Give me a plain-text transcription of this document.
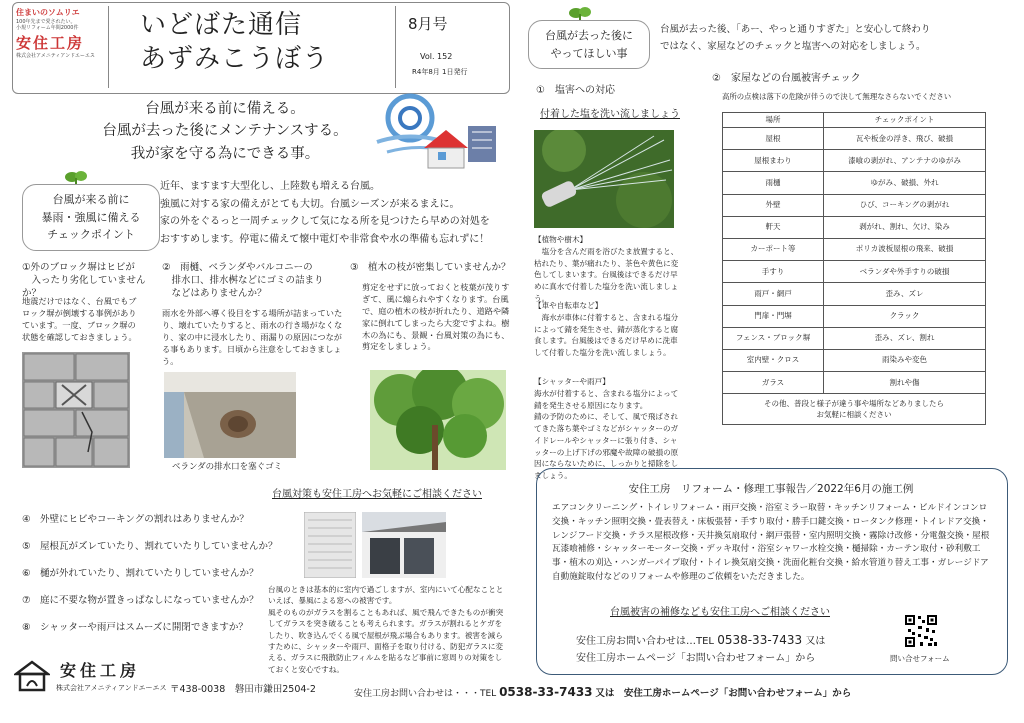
住まいのソムリエ
100年先まで愛されたい。
小規リフォーム年間2000件
安住工房
株式会社アメニティアンドエーエス
いどばた通信
あずみこうぼう
8月号
Vol. 152
R4年8月 1日発行
台風が来る前に備える。
台風が去った後にメンテナンスする。
我が家を守る為にできる事。
台風が来る前に
暴雨・強風に備える
チェックポイント
近年、ますます大型化し、上陸数も増える台風。
強風に対する家の備えがとても大切。台風シーズンが来るまえに。
家の外をぐるっと一周チェックして気になる所を見つけたら早めの対処を
おすすめします。停電に備えて懐中電灯や非常食や水の準備も忘れずに！
①外のブロック塀はヒビが
　入ったり劣化していませんか？
地震だけではなく、台風でもブロック塀が倒壊する事例がありています。一度、ブロック塀の状態を確認しておきましょう。
②　雨樋、ベランダやバルコニーの
　排水口、排水桝などにゴミの詰まり
　などはありませんか？
雨水を外部へ導く役目をする場所が詰まっていたり、壊れていたりすると、雨水の行き場がなくなり、家の中に浸水したり、雨漏りの原因につながる事もあります。日頃から注意をしておきましょう。
③　植木の枝が密集していませんか？
剪定をせずに放っておくと枝葉が茂りすぎて、風に煽られやすくなります。台風で、庭の植木の枝が折れたり、道路や隣家に倒れてしまったら大変ですよね。樹木の為にも、景観・台風対策の為にも、剪定をしましょう。
ベランダの排水口を塞ぐゴミ
台風対策も安住工房へお気軽にご相談ください
④　外壁にヒビやコーキングの割れはありませんか？
⑤　屋根瓦がズレていたり、割れていたりしていませんか？
⑥　樋が外れていたり、割れていたりしていませんか？
⑦　庭に不要な物が置きっぱなしになっていませんか？
⑧　シャッターや雨戸はスムーズに開閉できますか？
台風のときは基本的に室内で過ごしますが、室内にいて心配なことといえば、暴風による窓への被害です。
風そのものがガラスを割ることもあれば、風で飛んできたものが衝突してガラスを突き破ることも考えられます。ガラスが割れるとケガをしたり、吹き込んでくる風で屋根が飛ぶ場合もあります。被害を減らすために、シャッターや雨戸、面格子を取り付ける、防犯ガラスに変える、ガラスに飛散防止フィルムを貼るなど事前に窓周りの対策をしておくと安心ですね。
台風が去った後に
やってほしい事
台風が去った後、「あー、やっと通りすぎた」と安心して終わり
ではなく、家屋などのチェックと塩害への対応をしましょう。
①　塩害への対応
付着した塩を洗い流しましょう
【植物や樹木】
　塩分を含んだ雨を浴びたま放置すると、枯れたり、葉が痛れたり、茶色や黄色に変色してしまいます。台風後はできるだけ早めに真水で付着した塩分を洗い流しましょう。
【車や自転車など】
　海水が車体に付着すると、含まれる塩分によって錆を発生させ、錆が蒸化すると腐食します。台風後はできるだけ早めに洗車して付着した塩分を洗い流しましょう。
【シャッターや雨戸】
海水が付着すると、含まれる塩分によって錆を発生させる原因になります。
錆の予防のために、そして、風で飛ばされてきた落ち葉やゴミなどがシャッターのガイドレールやシャッターに張り付き、シャッターの上げ下げの邪魔や故障の破損の原因にならないために、しっかりと掃除をしましょう。
②　家屋などの台風被害チェック
高所の点検は落下の危険が伴うので決して無理なさらないでください
場所	チェックポイント
屋根	瓦や板金の浮き、飛び、破損
屋根まわり	漆喰の剥がれ、アンテナのゆがみ
雨樋	ゆがみ、破損、外れ
外壁	ひび、コーキングの剥がれ
軒天	剥がれ、割れ、欠け、染み
カーポート等	ポリカ波板屋根の飛来、破損
手すり	ベランダや外手すりの破損
雨戸・網戸	歪み、ズレ
門扉・門塀	クラック
フェンス・ブロック塀	歪み、ズレ、割れ
室内壁・クロス	雨染みや変色
ガラス	割れや傷

その他、普段と様子が違う事や場所などありましたら
お気軽に相談ください	
安住工房　リフォーム・修理工事報告／2022年6月の施工例
エアコンクリーニング・トイレリフォーム・雨戸交換・浴室ミラー取替・キッチンリフォーム・ビルドインコンロ交換・キッチン照明交換・畳表替え・床板張替・手すり取付・勝手口鍵交換・ロータンク修理・トイレドア交換・レンジフード交換・テラス屋根改修・天井換気扇取付・網戸張替・室内照明交換・霧除け改修・分電盤交換・屋根瓦漆喰補修・シャッターモーター交換・デッキ取付・浴室シャワー水栓交換・樋掃除・カーテン取付・砂利敷工事・植木の刈込・ハンガーパイプ取付・トイレ換気扇交換・洗面化粧台交換・給水管道り替え工事・ガレージドア自動施錠取付などのリフォームや修理のご依頼をいただきました。
台風被害の補修なども安住工房へご相談ください
安住工房お問い合わせは…TEL 0538-33-7433 又は
安住工房ホームページ「お問い合わせフォーム」から	問い合せフォーム
安住工房
株式会社アメニティアンドエーエス 〒438-0038　磐田市鎌田2504-2	安住工房お問い合わせは・・・TEL 0538-33-7433 又は　安住工房ホームページ「お問い合わせフォーム」から
